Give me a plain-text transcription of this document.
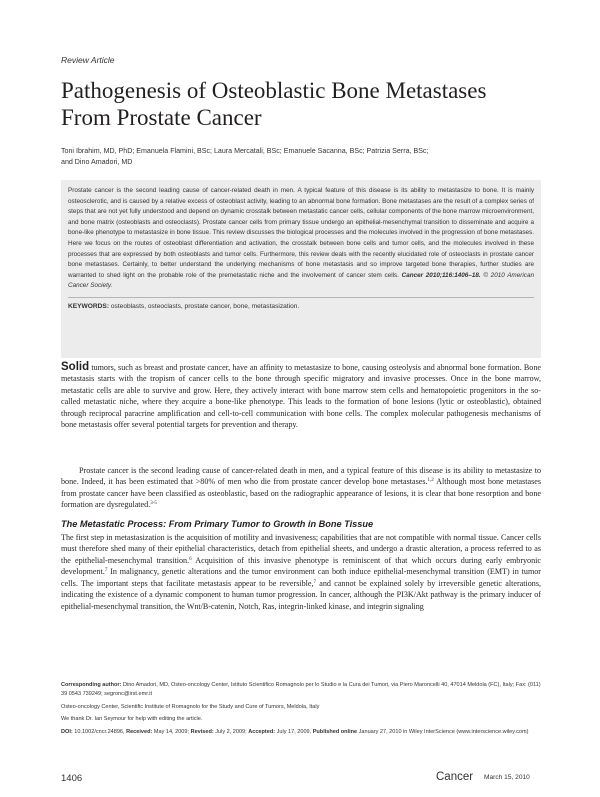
Review Article
Pathogenesis of Osteoblastic Bone Metastases
From Prostate Cancer
Toni Ibrahim, MD, PhD; Emanuela Flamini, BSc; Laura Mercatali, BSc; Emanuele Sacanna, BSc; Patrizia Serra, BSc;
and Dino Amadori, MD

Prostate cancer is the second leading cause of cancer-related death in men. A typical feature of this disease is its ability to metastasize to bone. It is mainly osteosclerotic, and is caused by a relative excess of osteoblast activity, leading to an abnormal bone formation. Bone metastases are the result of a complex series of steps that are not yet fully understood and depend on dynamic crosstalk between metastatic cancer cells, cellular components of the bone marrow microenvironment, and bone matrix (osteoblasts and osteoclasts). Prostate cancer cells from primary tissue undergo an epithelial-mesenchymal transition to disseminate and acquire a bone-like phenotype to metastasize in bone tissue. This review discusses the biological processes and the molecules involved in the progression of bone metastases. Here we focus on the routes of osteoblast differentiation and activation, the crosstalk between bone cells and tumor cells, and the molecules involved in these processes that are expressed by both osteoblasts and tumor cells. Furthermore, this review deals with the recently elucidated role of osteoclasts in prostate cancer bone metastases. Certainly, to better understand the underlying mechanisms of bone metastasis and so improve targeted bone therapies, further studies are warranted to shed light on the probable role of the premetastatic niche and the involvement of cancer stem cells. Cancer 2010;116:1406–18. © 2010 American Cancer Society.

KEYWORDS: osteoblasts, osteoclasts, prostate cancer, bone, metastasization.

Solid tumors, such as breast and prostate cancer, have an affinity to metastasize to bone, causing osteolysis and abnormal bone formation. Bone metastasis starts with the tropism of cancer cells to the bone through specific migratory and invasive processes. Once in the bone marrow, metastatic cells are able to survive and grow. Here, they actively interact with bone marrow stem cells and hematopoietic progenitors in the so-called metastatic niche, where they acquire a bone-like phenotype. This leads to the formation of bone lesions (lytic or osteoblastic), obtained through reciprocal paracrine amplification and cell-to-cell communication with bone cells. The complex molecular pathogenesis mechanisms of bone metastasis offer several potential targets for prevention and therapy.

Prostate cancer is the second leading cause of cancer-related death in men, and a typical feature of this disease is its ability to metastasize to bone. Indeed, it has been estimated that >80% of men who die from prostate cancer develop bone metastases.$^{1,2}$ Although most bone metastases from prostate cancer have been classified as osteoblastic, based on the radiographic appearance of lesions, it is clear that bone resorption and bone formation are dysregulated.$^{3-5}$

The Metastatic Process: From Primary Tumor to Growth in Bone Tissue

The first step in metastasization is the acquisition of motility and invasiveness; capabilities that are not compatible with normal tissue. Cancer cells must therefore shed many of their epithelial characteristics, detach from epithelial sheets, and undergo a drastic alteration, a process referred to as the epithelial-mesenchymal transition.$^6$ Acquisition of this invasive phenotype is reminiscent of that which occurs during early embryonic development.$^7$ In malignancy, genetic alterations and the tumor environment can both induce epithelial-mesenchymal transition (EMT) in tumor cells. The important steps that facilitate metastasis appear to be reversible,$^7$ and cannot be explained solely by irreversible genetic alterations, indicating the existence of a dynamic component to human tumor progression. In cancer, although the PI3K/Akt pathway is the primary inducer of epithelial-mesenchymal transition, the Wnt/B-catenin, Notch, Ras, integrin-linked kinase, and integrin signaling

Corresponding author: Dino Amadori, MD, Osteo-oncology Center, Istituto Scientifico Romagnolo per lo Studio e la Cura dei Tumori, via Piero Maroncelli 40, 47014 Meldola (FC), Italy; Fax: (011) 39 0543 739249; segronc@irst.emr.it

Osteo-oncology Center, Scientific Institute of Romagnolo for the Study and Cure of Tumors, Meldola, Italy

We thank Dr. Ian Seymour for help with editing the article.

DOI: 10.1002/cncr.24896, Received: May 14, 2009; Revised: July 2, 2009; Accepted: July 17, 2009, Published online January 27, 2010 in Wiley InterScience (www.interscience.wiley.com)

1406	Cancer March 15, 2010
